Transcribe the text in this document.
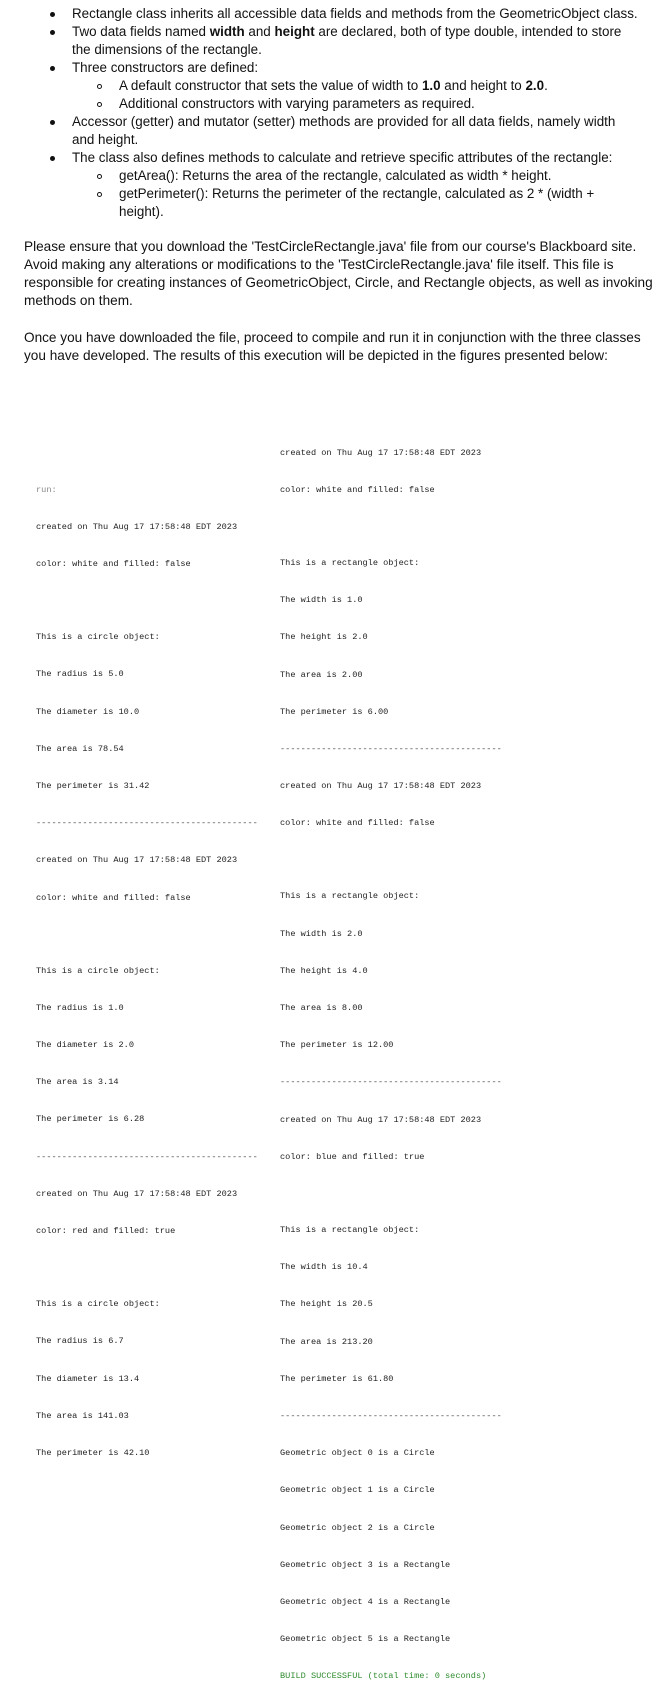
Rectangle class inherits all accessible data fields and methods from the GeometricObject class.
Two data fields named width and height are declared, both of type double, intended to store
the dimensions of the rectangle.
Three constructors are defined:
A default constructor that sets the value of width to 1.0 and height to 2.0.
Additional constructors with varying parameters as required.
Accessor (getter) and mutator (setter) methods are provided for all data fields, namely width
and height.
The class also defines methods to calculate and retrieve specific attributes of the rectangle:
getArea(): Returns the area of the rectangle, calculated as width * height.
getPerimeter(): Returns the perimeter of the rectangle, calculated as 2 * (width +
height).
Please ensure that you download the 'TestCircleRectangle.java' file from our course's Blackboard site.
Avoid making any alterations or modifications to the 'TestCircleRectangle.java' file itself. This file is
responsible for creating instances of GeometricObject, Circle, and Rectangle objects, as well as invoking
methods on them.
Once you have downloaded the file, proceed to compile and run it in conjunction with the three classes
you have developed. The results of this execution will be depicted in the figures presented below:

run:

created on Thu Aug 17 17:58:48 EDT 2023

color: white and filled: false

This is a circle object:

The radius is 5.0

The diameter is 10.0

The area is 78.54

The perimeter is 31.42

-------------------------------------------

created on Thu Aug 17 17:58:48 EDT 2023

color: white and filled: false

This is a circle object:

The radius is 1.0

The diameter is 2.0

The area is 3.14

The perimeter is 6.28

-------------------------------------------

created on Thu Aug 17 17:58:48 EDT 2023

color: red and filled: true

This is a circle object:

The radius is 6.7

The diameter is 13.4

The area is 141.03

The perimeter is 42.10

created on Thu Aug 17 17:58:48 EDT 2023

color: white and filled: false

This is a rectangle object:

The width is 1.0

The height is 2.0

The area is 2.00

The perimeter is 6.00

-------------------------------------------

created on Thu Aug 17 17:58:48 EDT 2023

color: white and filled: false

This is a rectangle object:

The width is 2.0

The height is 4.0

The area is 8.00

The perimeter is 12.00

-------------------------------------------

created on Thu Aug 17 17:58:48 EDT 2023

color: blue and filled: true

This is a rectangle object:

The width is 10.4

The height is 20.5

The area is 213.20

The perimeter is 61.80

-------------------------------------------

Geometric object 0 is a Circle

Geometric object 1 is a Circle

Geometric object 2 is a Circle

Geometric object 3 is a Rectangle

Geometric object 4 is a Rectangle

Geometric object 5 is a Rectangle

BUILD SUCCESSFUL (total time: 0 seconds)
